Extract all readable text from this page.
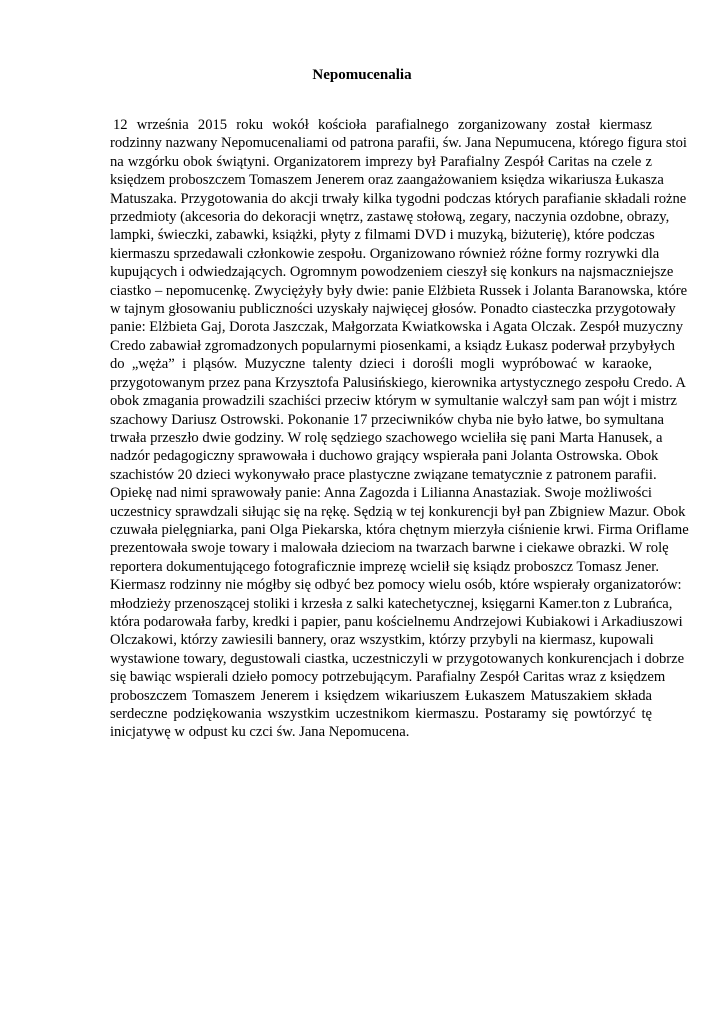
Nepomucenalia
12 września 2015 roku wokół kościoła parafialnego zorganizowany został kiermasz
rodzinny nazwany Nepomucenaliami od patrona parafii, św. Jana Nepumucena, którego figura stoi
na wzgórku obok świątyni. Organizatorem imprezy był Parafialny Zespół Caritas na czele z
księdzem proboszczem Tomaszem Jenerem oraz zaangażowaniem księdza wikariusza Łukasza
Matuszaka. Przygotowania do akcji trwały kilka tygodni podczas których parafianie składali rożne
przedmioty (akcesoria do dekoracji wnętrz, zastawę stołową, zegary, naczynia ozdobne, obrazy,
lampki, świeczki, zabawki, książki, płyty z filmami DVD i muzyką, biżuterię), które podczas
kiermaszu sprzedawali członkowie zespołu. Organizowano również różne formy rozrywki dla
kupujących i odwiedzających. Ogromnym powodzeniem cieszył się konkurs na najsmaczniejsze
ciastko – nepomucenkę. Zwyciężyły były dwie: panie Elżbieta Russek i Jolanta Baranowska, które
w tajnym głosowaniu publiczności uzyskały najwięcej głosów. Ponadto ciasteczka przygotowały
panie: Elżbieta Gaj, Dorota Jaszczak, Małgorzata Kwiatkowska i Agata Olczak. Zespół muzyczny
Credo zabawiał zgromadzonych popularnymi piosenkami, a ksiądz Łukasz poderwał przybyłych
do „węża” i pląsów. Muzyczne talenty dzieci i dorośli mogli wypróbować w karaoke,
przygotowanym przez pana Krzysztofa Palusińskiego, kierownika artystycznego zespołu Credo. A
obok zmagania prowadzili szachiści przeciw którym w symultanie walczył sam pan wójt i mistrz
szachowy Dariusz Ostrowski. Pokonanie 17 przeciwników chyba nie było łatwe, bo symultana
trwała przeszło dwie godziny. W rolę sędziego szachowego wcieliła się pani Marta Hanusek, a
nadzór pedagogiczny sprawowała i duchowo grający wspierała pani Jolanta Ostrowska. Obok
szachistów 20 dzieci wykonywało prace plastyczne związane tematycznie z patronem parafii.
Opiekę nad nimi sprawowały panie: Anna Zagozda i Lilianna Anastaziak. Swoje możliwości
uczestnicy sprawdzali siłując się na rękę. Sędzią w tej konkurencji był pan Zbigniew Mazur. Obok
czuwała pielęgniarka, pani Olga Piekarska, która chętnym mierzyła ciśnienie krwi. Firma Oriflame
prezentowała swoje towary i malowała dzieciom na twarzach barwne i ciekawe obrazki. W rolę
reportera dokumentującego fotograficznie imprezę wcielił się ksiądz proboszcz Tomasz Jener.
Kiermasz rodzinny nie mógłby się odbyć bez pomocy wielu osób, które wspierały organizatorów:
młodzieży przenoszącej stoliki i krzesła z salki katechetycznej, księgarni Kamer.ton z Lubrańca,
która podarowała farby, kredki i papier, panu kościelnemu Andrzejowi Kubiakowi i Arkadiuszowi
Olczakowi, którzy zawiesili bannery, oraz wszystkim, którzy przybyli na kiermasz, kupowali
wystawione towary, degustowali ciastka, uczestniczyli w przygotowanych konkurencjach i dobrze
się bawiąc wspierali dzieło pomocy potrzebującym. Parafialny Zespół Caritas wraz z księdzem
proboszczem Tomaszem Jenerem i księdzem wikariuszem Łukaszem Matuszakiem składa
serdeczne podziękowania wszystkim uczestnikom kiermaszu. Postaramy się powtórzyć tę
inicjatywę w odpust ku czci św. Jana Nepomucena.
